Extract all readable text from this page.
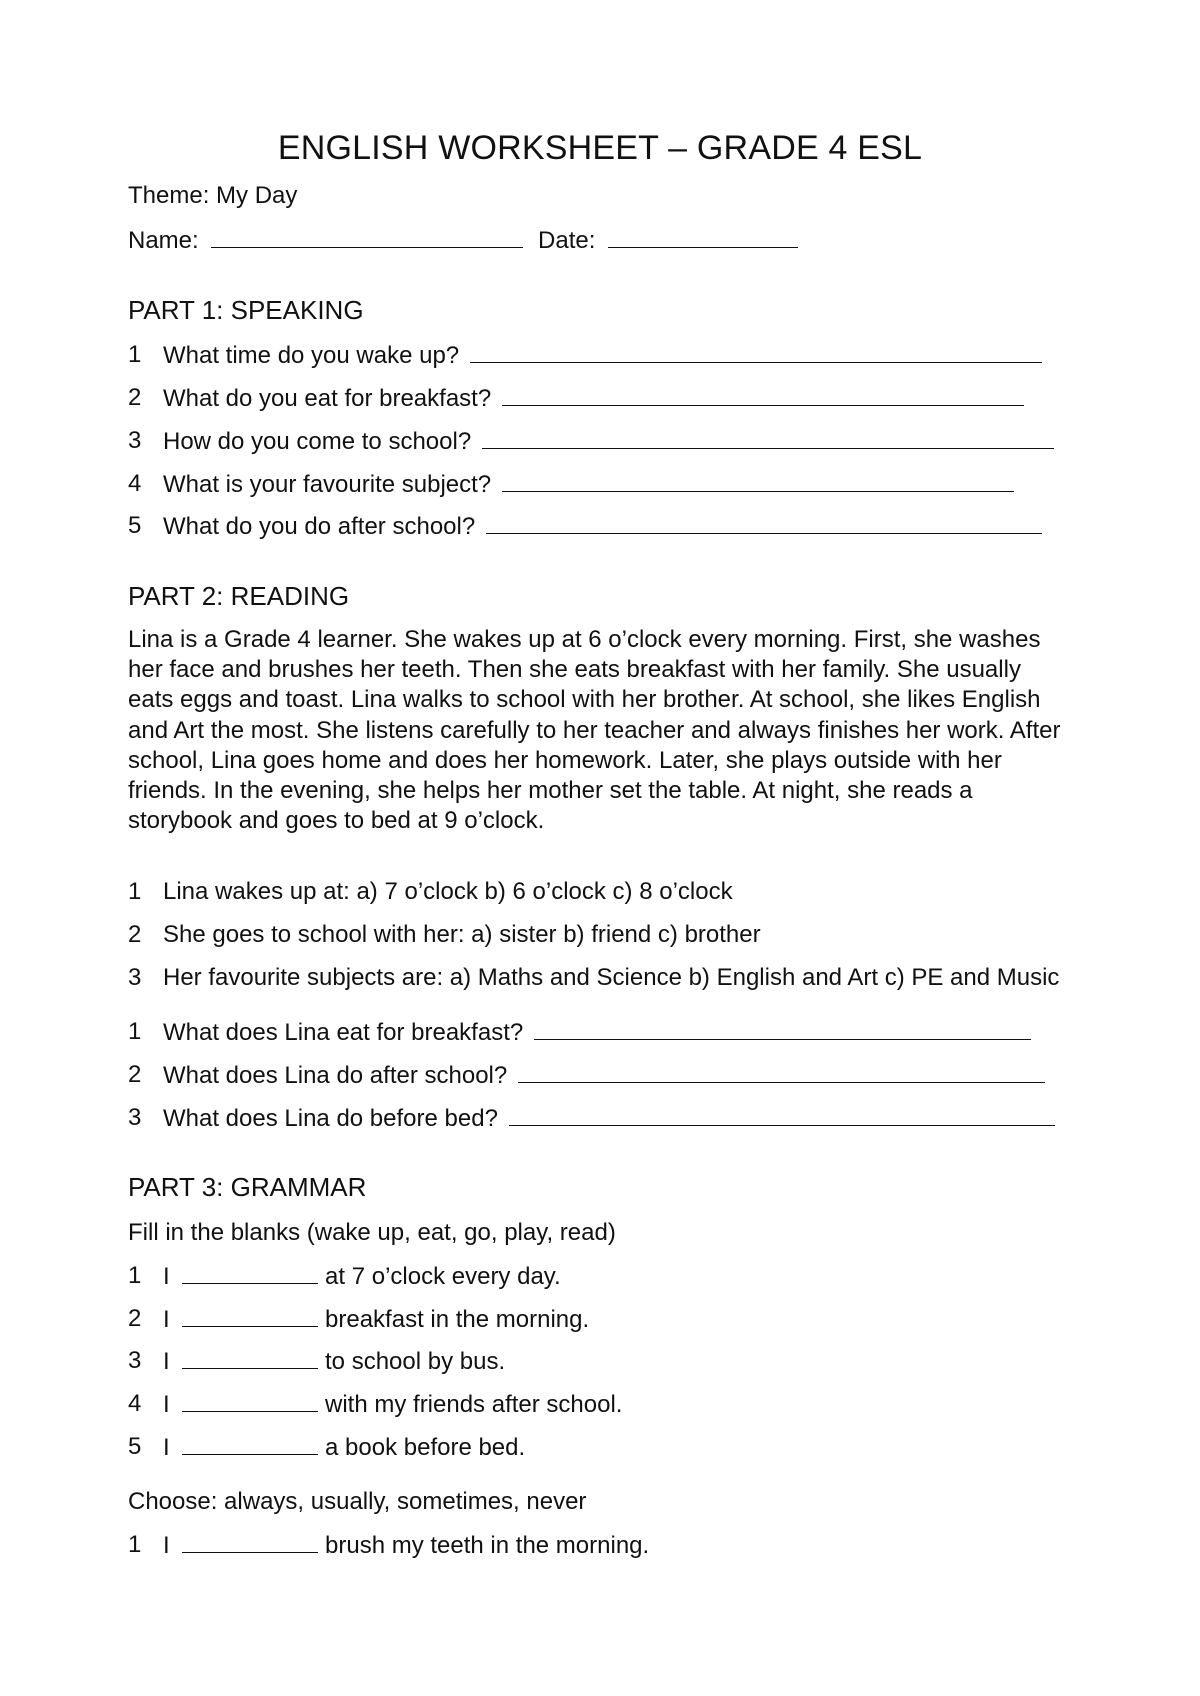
ENGLISH WORKSHEET – GRADE 4 ESL
Theme: My Day
Name:	Date:
PART 1: SPEAKING
1 What time do you wake up?
2 What do you eat for breakfast?
3 How do you come to school?
4 What is your favourite subject?
5 What do you do after school?
PART 2: READING
Lina is a Grade 4 learner. She wakes up at 6 o’clock every morning. First, she washes
her face and brushes her teeth. Then she eats breakfast with her family. She usually
eats eggs and toast. Lina walks to school with her brother. At school, she likes English
and Art the most. She listens carefully to her teacher and always finishes her work. After
school, Lina goes home and does her homework. Later, she plays outside with her
friends. In the evening, she helps her mother set the table. At night, she reads a
storybook and goes to bed at 9 o’clock.
1 Lina wakes up at: a) 7 o’clock b) 6 o’clock c) 8 o’clock
2 She goes to school with her: a) sister b) friend c) brother
3 Her favourite subjects are: a) Maths and Science b) English and Art c) PE and Music
1 What does Lina eat for breakfast?
2 What does Lina do after school?
3 What does Lina do before bed?
PART 3: GRAMMAR
Fill in the blanks (wake up, eat, go, play, read)
1 I	at 7 o’clock every day.
2 I	breakfast in the morning.
3 I	to school by bus.
4 I	with my friends after school.
5 I	a book before bed.
Choose: always, usually, sometimes, never
1 I	brush my teeth in the morning.
